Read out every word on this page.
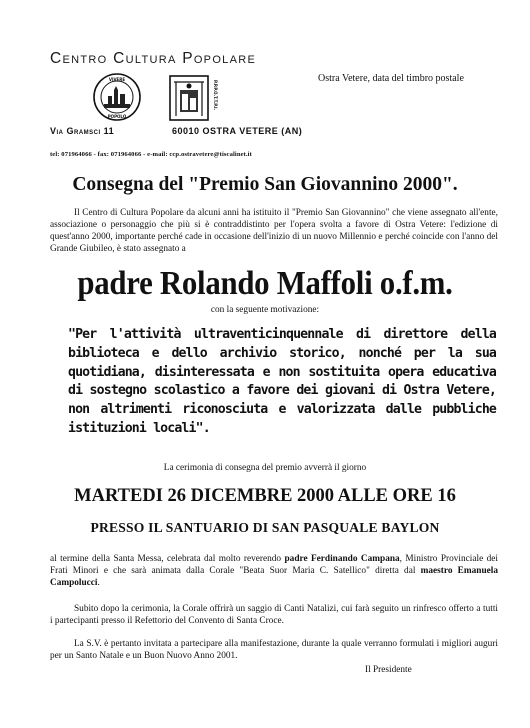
Centro Cultura Popolare
Ostra Vetere, data del timbro postale
VIVERE
POPOLO
P.P.P.O.T.T.P.I.
Via Gramsci 11	60010 OSTRA VETERE (AN)
tel: 071964066 - fax: 071964066 - e-mail: ccp.ostravetere@tiscalinet.it
Consegna del "Premio San Giovannino 2000".
Il Centro di Cultura Popolare da alcuni anni ha istituito il "Premio San Giovannino" che viene assegnato all'ente, associazione o personaggio che più si è contraddistinto per l'opera svolta a favore di Ostra Vetere: l'edizione di quest'anno 2000, importante perché cade in occasione dell'inizio di un nuovo Millennio e perché coincide con l'anno del Grande Giubileo, è stato assegnato a
padre Rolando Maffoli o.f.m.
con la seguente motivazione:
"Per l'attività ultraventicinquennale di direttore della biblioteca e dello archivio storico, nonché per la sua quotidiana, disinteressata e non sostituita opera educativa di sostegno scolastico a favore dei giovani di Ostra Vetere, non altrimenti riconosciuta e valorizzata dalle pubbliche istituzioni locali".
La cerimonia di consegna del premio avverrà il giorno
MARTEDI 26 DICEMBRE 2000 ALLE ORE 16
PRESSO IL SANTUARIO DI SAN PASQUALE BAYLON
al termine della Santa Messa, celebrata dal molto reverendo padre Ferdinando Campana, Ministro Provinciale dei Frati Minori e che sarà animata dalla Corale "Beata Suor Maria C. Satellico" diretta dal maestro Emanuela Campolucci.
Subito dopo la cerimonia, la Corale offrirà un saggio di Canti Natalizi, cui farà seguito un rinfresco offerto a tutti i partecipanti presso il Refettorio del Convento di Santa Croce.
La S.V. è pertanto invitata a partecipare alla manifestazione, durante la quale verranno formulati i migliori auguri per un Santo Natale e un Buon Nuovo Anno 2001.
Il Presidente
